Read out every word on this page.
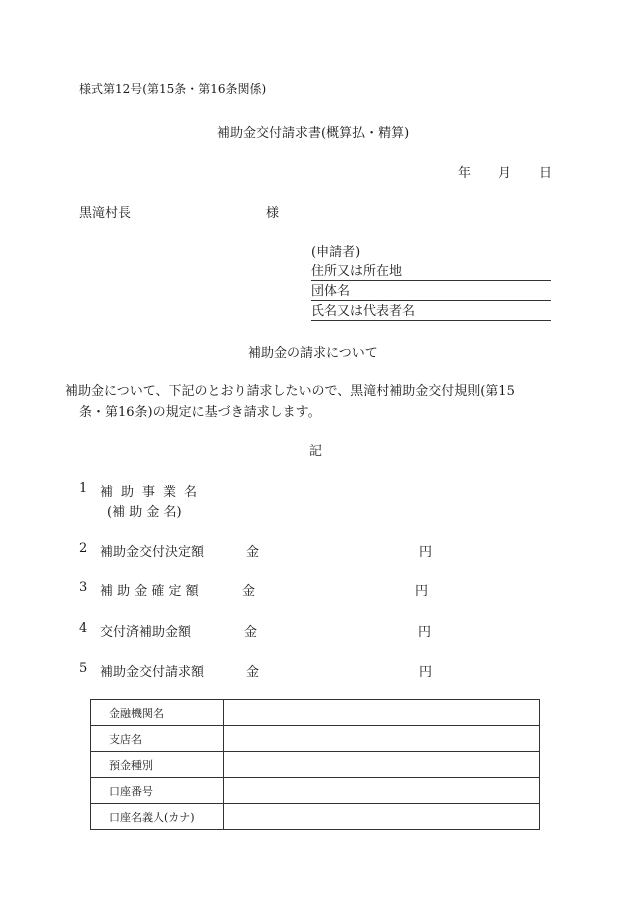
様式第12号(第15条・第16条関係)
補助金交付請求書(概算払・精算)
年 月 日
黒滝村長	様
(申請者)
住所又は所在地
団体名
氏名又は代表者名
補助金の請求について
補助金について、下記のとおり請求したいので、黒滝村補助金交付規則(第15
条・第16条)の規定に基づき請求します。
記
1 補助事業名
(補 助 金 名)
2 補助金交付決定額	金	円
3 補 助 金 確 定 額	金	円
4 交付済補助金額	金	円
5 補助金交付請求額	金	円
金融機関名	
支店名	
預金種別	
口座番号	
口座名義人(カナ)	
